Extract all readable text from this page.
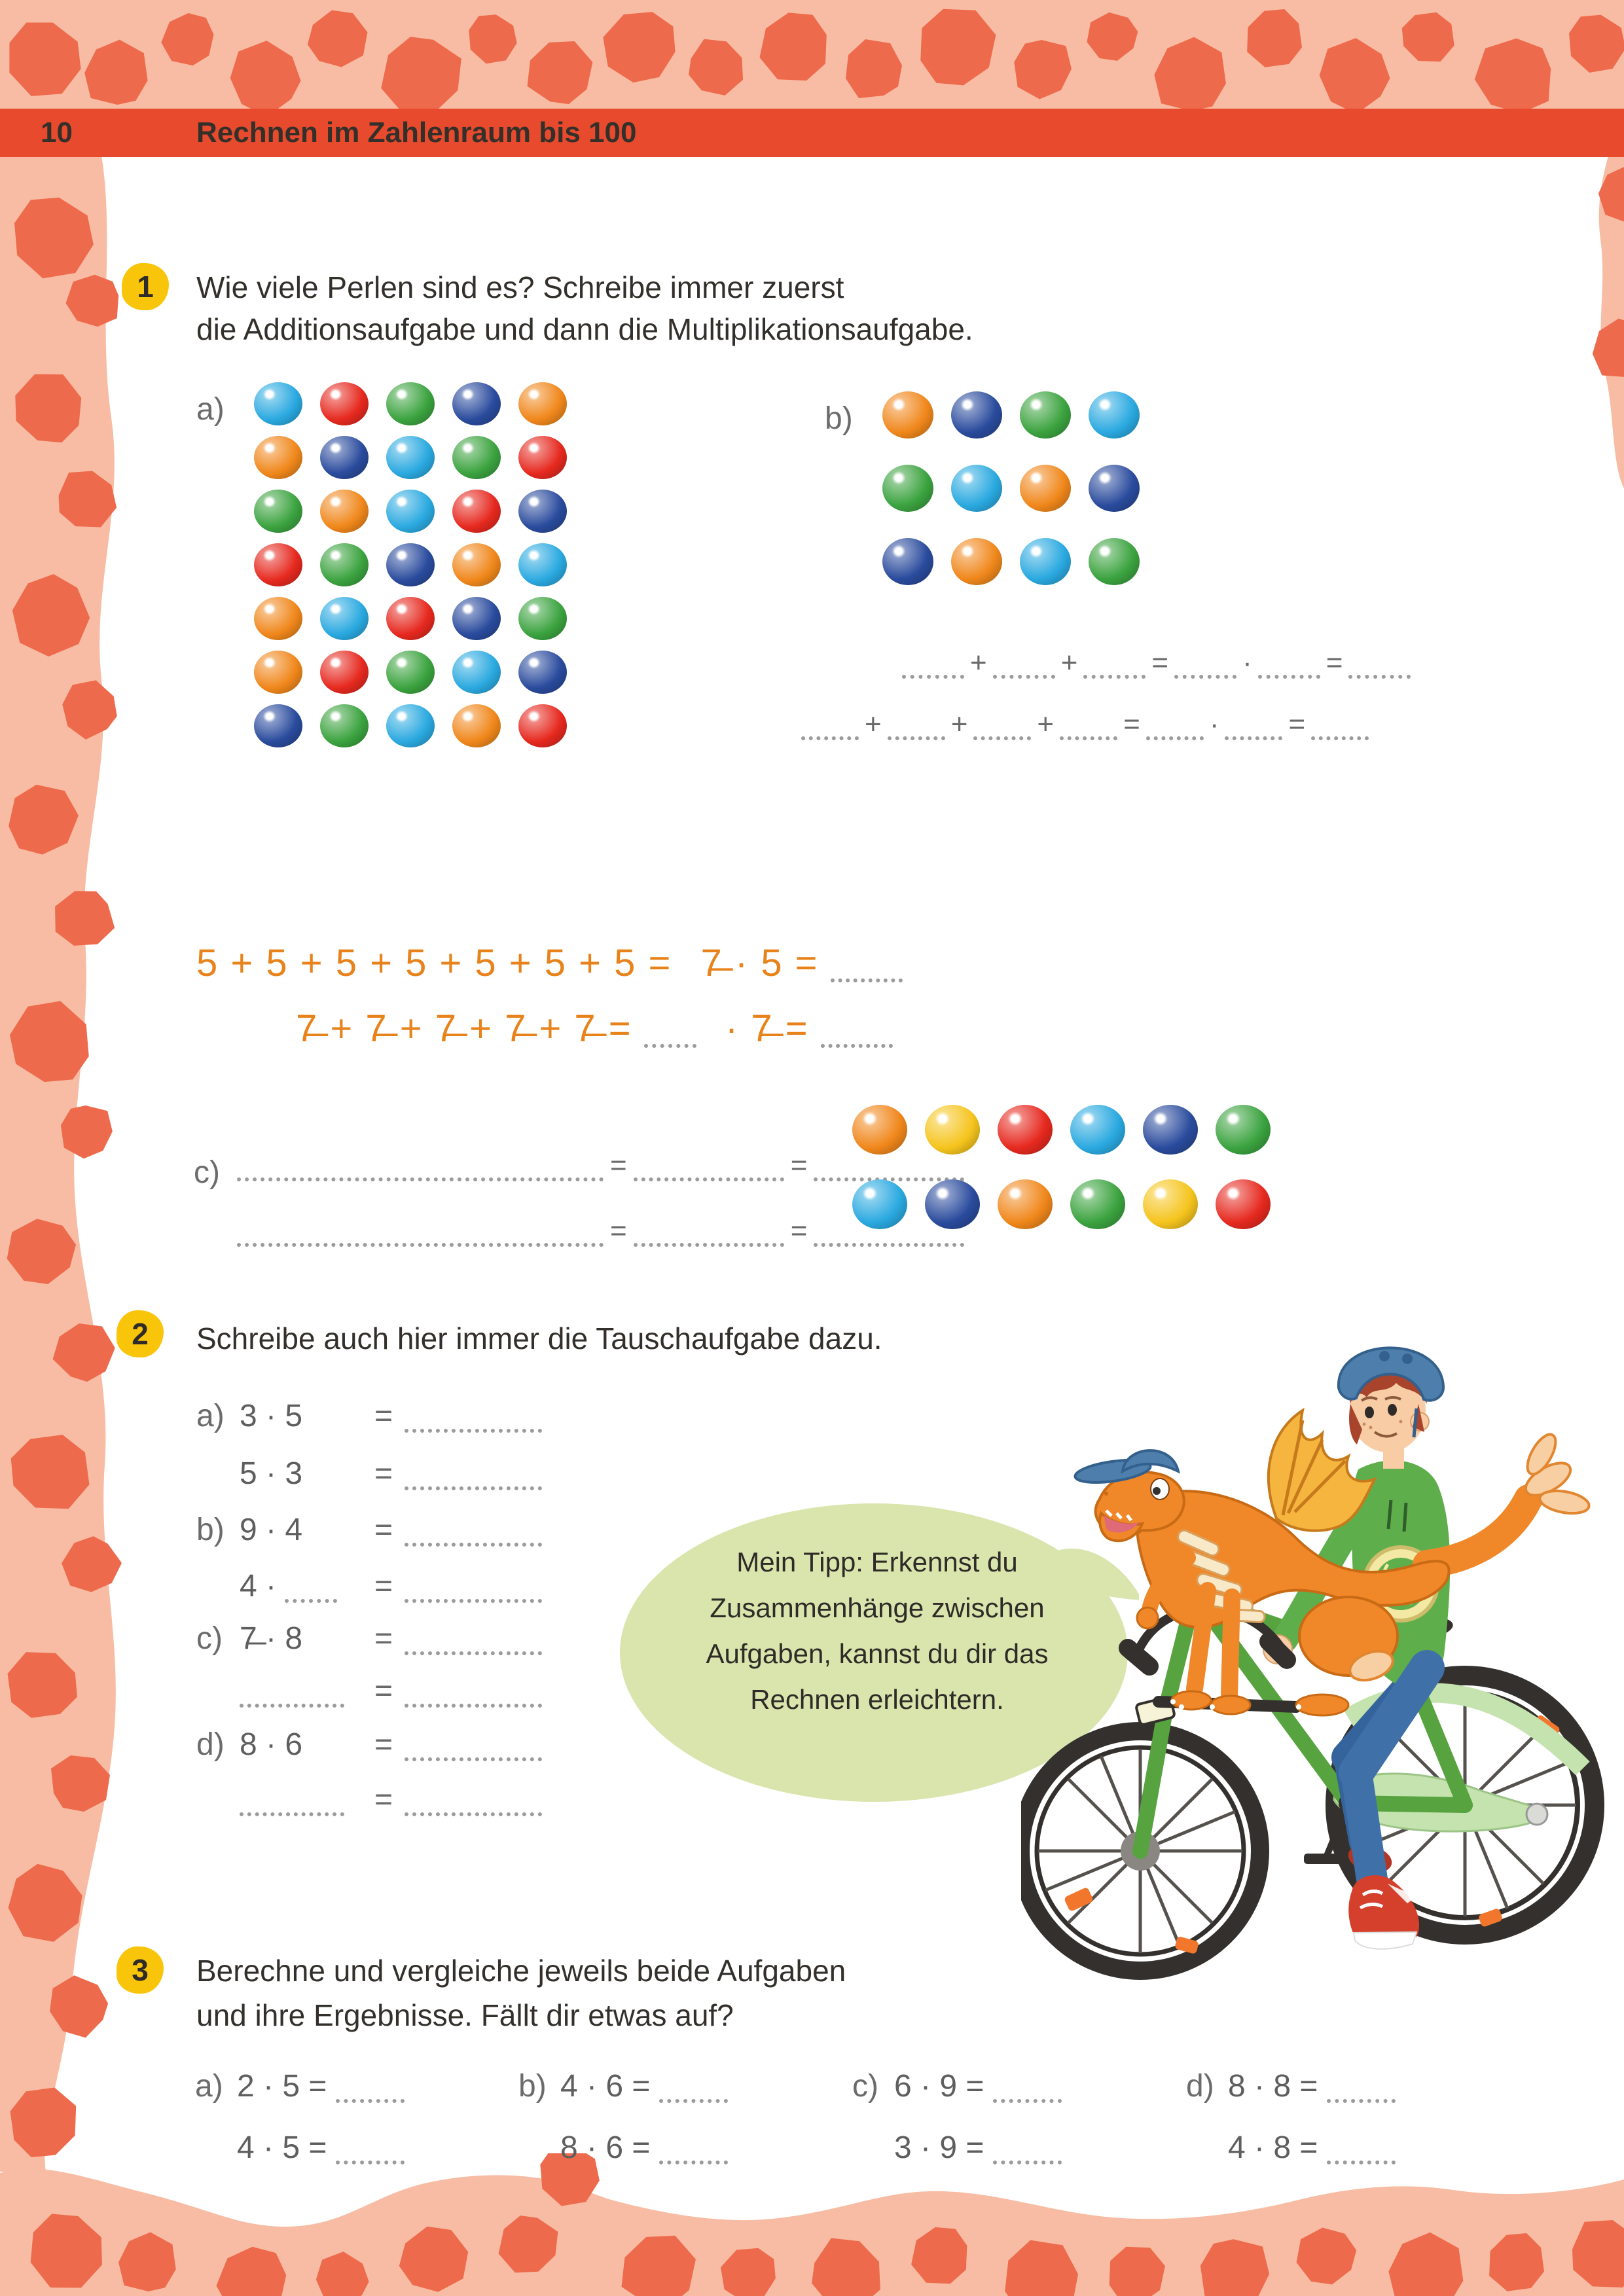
10	Rechnen im Zahlenraum bis 100
1	Wie viele Perlen sind es? Schreibe immer zuerst
die Additionsaufgabe und dann die Multiplikationsaufgabe.
a)	b)
+	+	=	·	=
+ + + = · =
5 + 5 + 5 + 5 + 5 + 5 + 5 = 7̶ · 5 =
7̶ + 7̶ + 7̶ + 7̶ + 7̶ = · 7̶ =
c)	=	=
=	=
2	Schreibe auch hier immer die Tauschaufgabe dazu.
a) 3 · 5 =
5 · 3 =
b) 9 · 4 =
4 ·	=
c) 7̶ · 8 =
=
d) 8 · 6 =
=
Mein Tipp: Erkennst du
Zusammenhänge zwischen
Aufgaben, kannst du dir das
Rechnen erleichtern.
3	Berechne und vergleiche jeweils beide Aufgaben
und ihre Ergebnisse. Fällt dir etwas auf?
a) 2 · 5 =
4 · 5 =
b) 4 · 6 =
8 · 6 =
c) 6 · 9 =
3 · 9 =
d) 8 · 8 =
4 · 8 =
